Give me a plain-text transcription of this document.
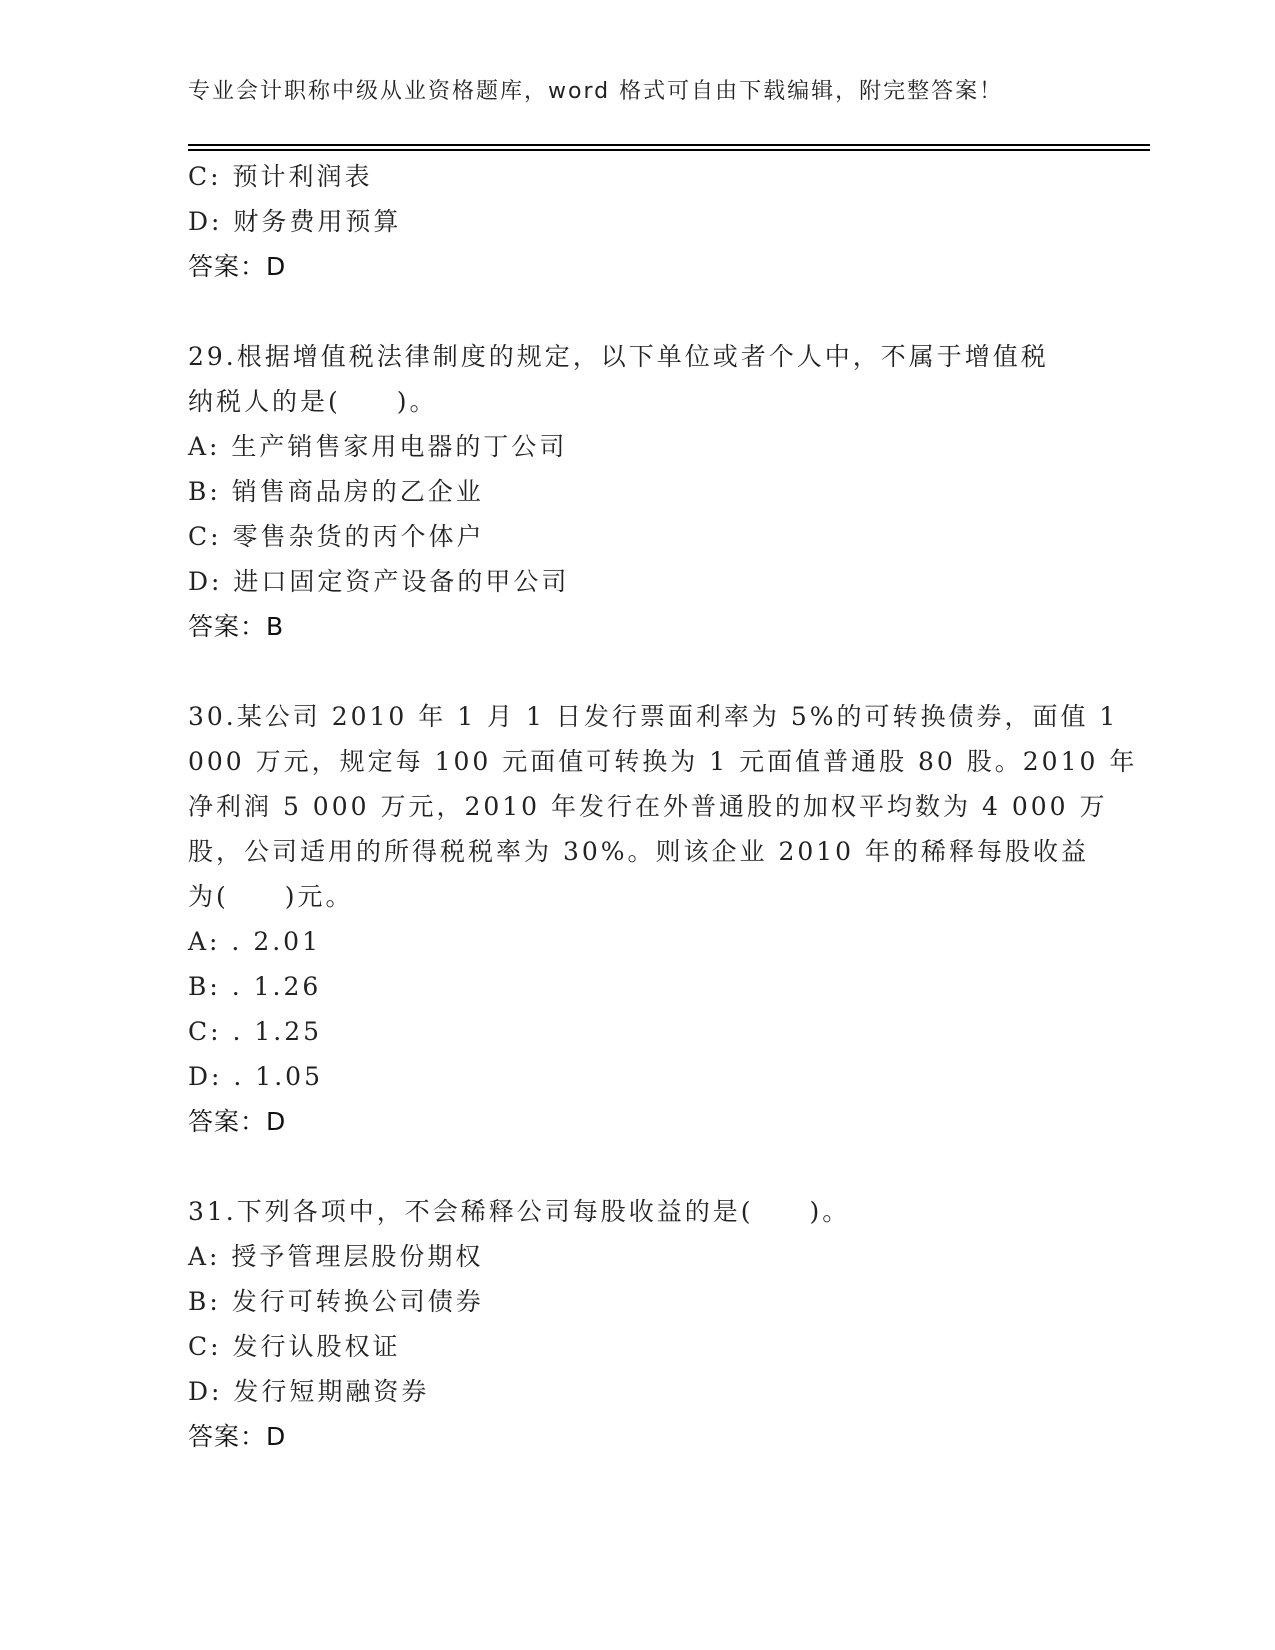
专业会计职称中级从业资格题库，word 格式可自由下载编辑，附完整答案！
C: 预计利润表
D: 财务费用预算
答案：D
29.根据增值税法律制度的规定，以下单位或者个人中，不属于增值税
纳税人的是(　　)。
A: 生产销售家用电器的丁公司
B: 销售商品房的乙企业
C: 零售杂货的丙个体户
D: 进口固定资产设备的甲公司
答案：B
30.某公司 2010 年 1 月 1 日发行票面利率为 5%的可转换债券，面值 1
000 万元，规定每 100 元面值可转换为 1 元面值普通股 80 股。2010 年
净利润 5 000 万元，2010 年发行在外普通股的加权平均数为 4 000 万
股，公司适用的所得税税率为 30%。则该企业 2010 年的稀释每股收益
为(　　)元。
A: . 2.01
B: . 1.26
C: . 1.25
D: . 1.05
答案：D
31.下列各项中，不会稀释公司每股收益的是(　　)。
A: 授予管理层股份期权
B: 发行可转换公司债券
C: 发行认股权证
D: 发行短期融资券
答案：D
